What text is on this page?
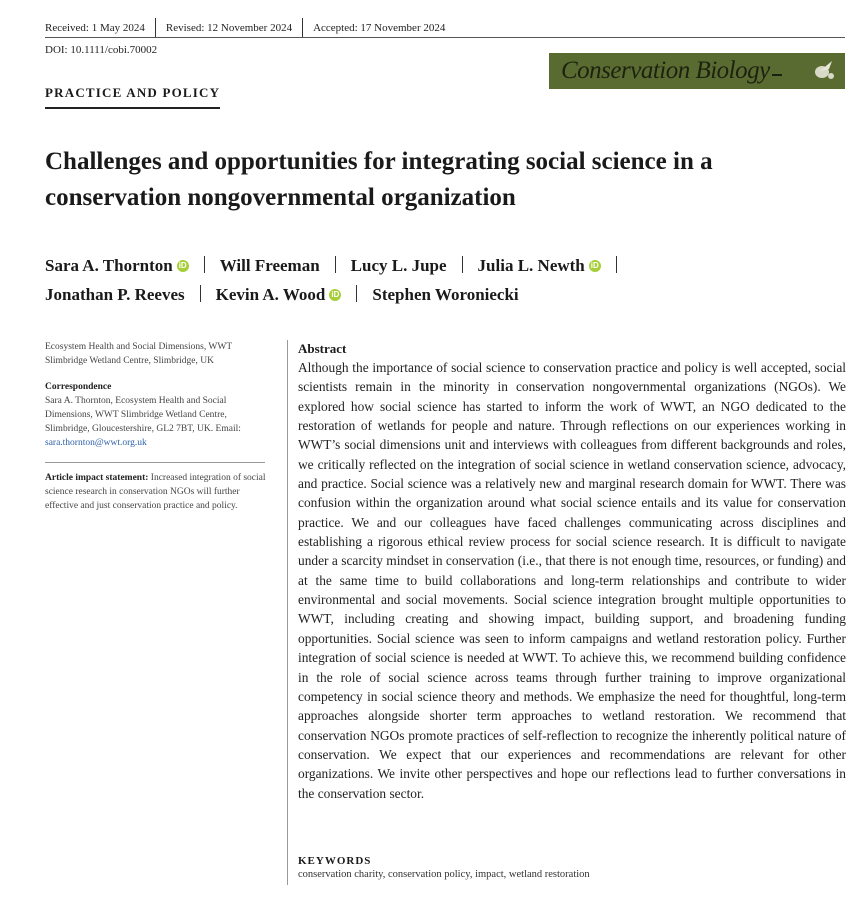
Received: 1 May 2024 Revised: 12 November 2024 Accepted: 17 November 2024
DOI: 10.1111/cobi.70002
Conservation Biology
PRACTICE AND POLICY
Challenges and opportunities for integrating social science in a conservation nongovernmental organization
Sara A. Thornton iD Will Freeman Lucy L. Jupe Julia L. Newth iD

Jonathan P. Reeves Kevin A. Wood iD Stephen Woroniecki
Ecosystem Health and Social Dimensions, WWT Slimbridge Wetland Centre, Slimbridge, UK
Correspondence
Sara A. Thornton, Ecosystem Health and Social Dimensions, WWT Slimbridge Wetland Centre, Slimbridge, Gloucestershire, GL2 7BT, UK. Email: sara.thornton@wwt.org.uk
Article impact statement: Increased integration of social science research in conservation NGOs will further effective and just conservation practice and policy.
Abstract
Although the importance of social science to conservation practice and policy is well accepted, social scientists remain in the minority in conservation nongovernmental organizations (NGOs). We explored how social science has started to inform the work of WWT, an NGO dedicated to the restoration of wetlands for people and nature. Through reflections on our experiences working in WWT’s social dimensions unit and interviews with colleagues from different backgrounds and roles, we critically reflected on the integration of social science in wetland conservation science, advocacy, and practice. Social science was a relatively new and marginal research domain for WWT. There was confusion within the organization around what social science entails and its value for conservation practice. We and our colleagues have faced challenges communicating across disciplines and establishing a rigorous ethical review process for social science research. It is difficult to navigate under a scarcity mindset in conservation (i.e., that there is not enough time, resources, or funding) and at the same time to build collaborations and long-term relationships and contribute to wider environmental and social movements. Social science integration brought multiple opportunities to WWT, including creating and showing impact, building support, and broadening funding opportunities. Social science was seen to inform campaigns and wetland restoration policy. Further integration of social science is needed at WWT. To achieve this, we recommend building confidence in the role of social science across teams through further training to improve organizational competency in social science theory and methods. We emphasize the need for thoughtful, long-term approaches alongside shorter term approaches to wetland restoration. We recommend that conservation NGOs promote practices of self-reflection to recognize the inherently political nature of conservation. We expect that our experiences and recommendations are relevant for other organizations. We invite other perspectives and hope our reflections lead to further conversations in the conservation sector.
KEYWORDS
conservation charity, conservation policy, impact, wetland restoration
